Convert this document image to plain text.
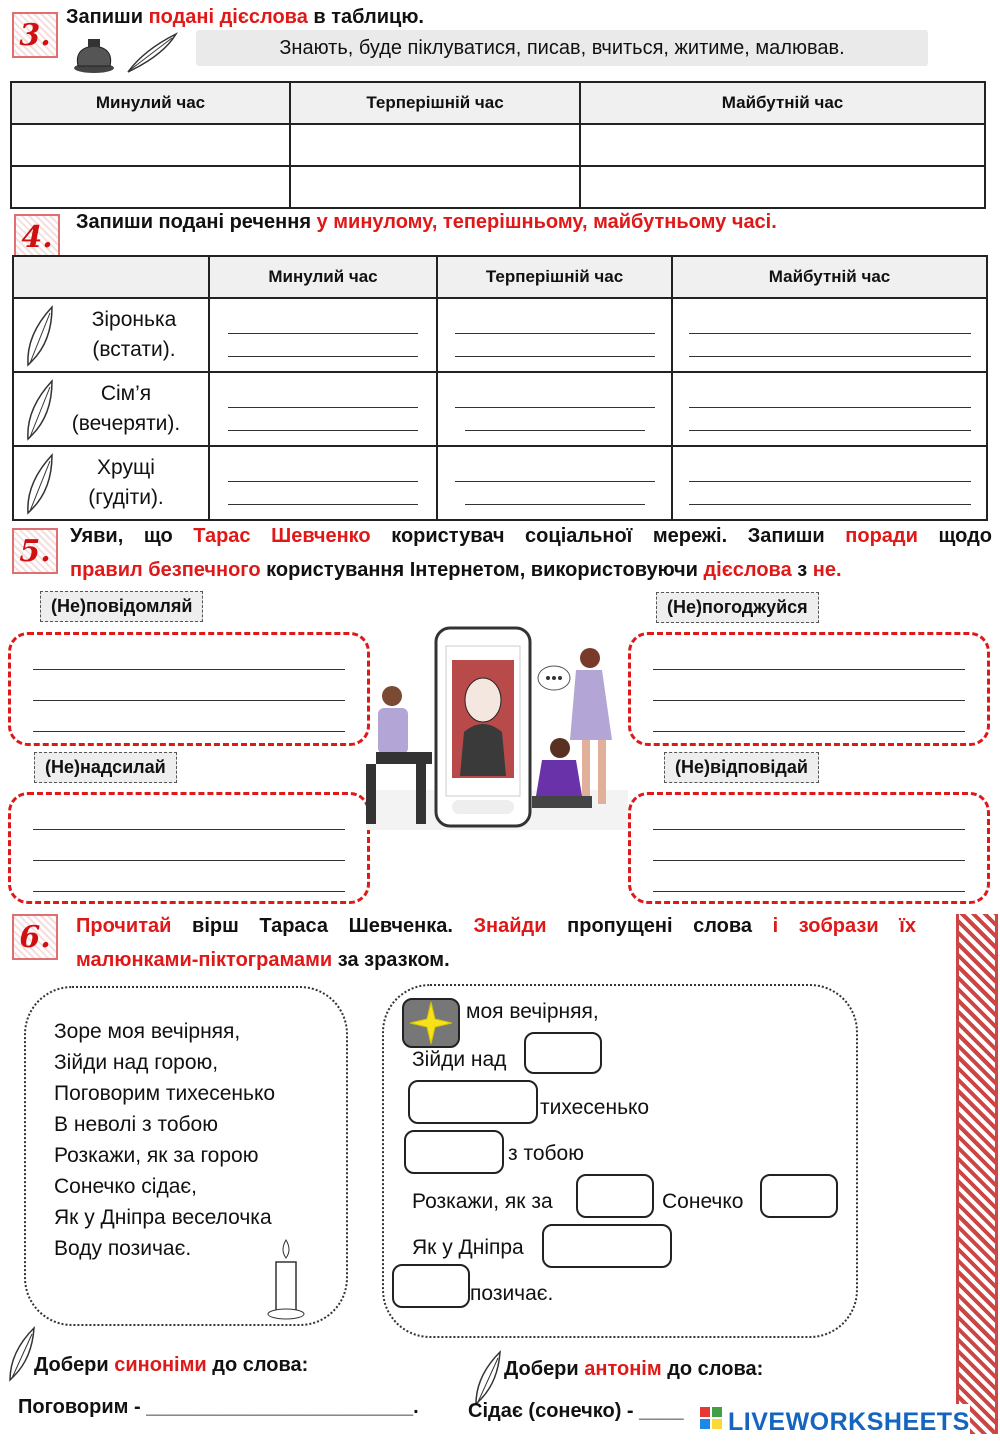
3.
Запиши подані дієслова в таблицю.
Знають, буде піклуватися, писав, вчиться, житиме, малював.
Минулий час	Терперішній час	Майбутній час

4. Запиши подані речення у минулому, теперішньому, майбутньому часі.
	Минулий час	Терперішній час	Майбутній час

Зіронька
(встати).			

Сім’я
(вечеряти).			

Хрущі
(гудіти).			

5. Уяви, що Тарас Шевченко користувач соціальної мережі. Запиши поради щодо
правил безпечного користування Інтернетом, використовуючи дієслова з не.
(Не)повідомляй	(Не)погоджуйся
(Не)надсилай	(Не)відповідай
6. Прочитай вірш Тараса Шевченка. Знайди пропущені слова і зобрази їх
малюнками-піктограмами за зразком.
Зоре моя вечірняя,
Зійди над горою,
Поговорим тихесенько
В неволі з тобою
Розкажи, як за горою
Сонечко сідає,
Як у Дніпра веселочка
Воду позичає.
моя вечірняя,
Зійди над
тихесенько
з тобою
Розкажи, як за	Сонечко
Як у Дніпра
позичає.
Добери синоніми до слова:
Поговорим - ________________________.
Добери антонім до слова:
Сідає (сонечко) - ____ LIVEWORKSHEETS
